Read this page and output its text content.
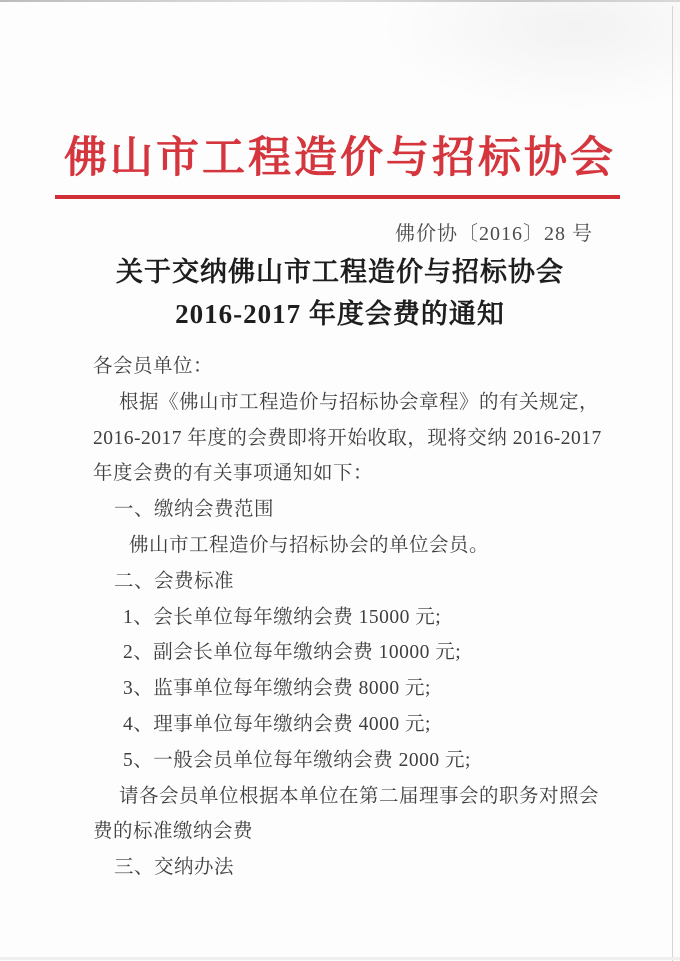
佛山市工程造价与招标协会
佛价协〔2016〕28 号
关于交纳佛山市工程造价与招标协会
2016-2017 年度会费的通知
各会员单位：
根据《佛山市工程造价与招标协会章程》的有关规定，
2016-2017 年度的会费即将开始收取，现将交纳 2016-2017
年度会费的有关事项通知如下：
一、缴纳会费范围
佛山市工程造价与招标协会的单位会员。
二、会费标准
1、会长单位每年缴纳会费 15000 元;
2、副会长单位每年缴纳会费 10000 元;
3、监事单位每年缴纳会费 8000 元;
4、理事单位每年缴纳会费 4000 元;
5、一般会员单位每年缴纳会费 2000 元;
请各会员单位根据本单位在第二届理事会的职务对照会
费的标准缴纳会费
三、交纳办法
